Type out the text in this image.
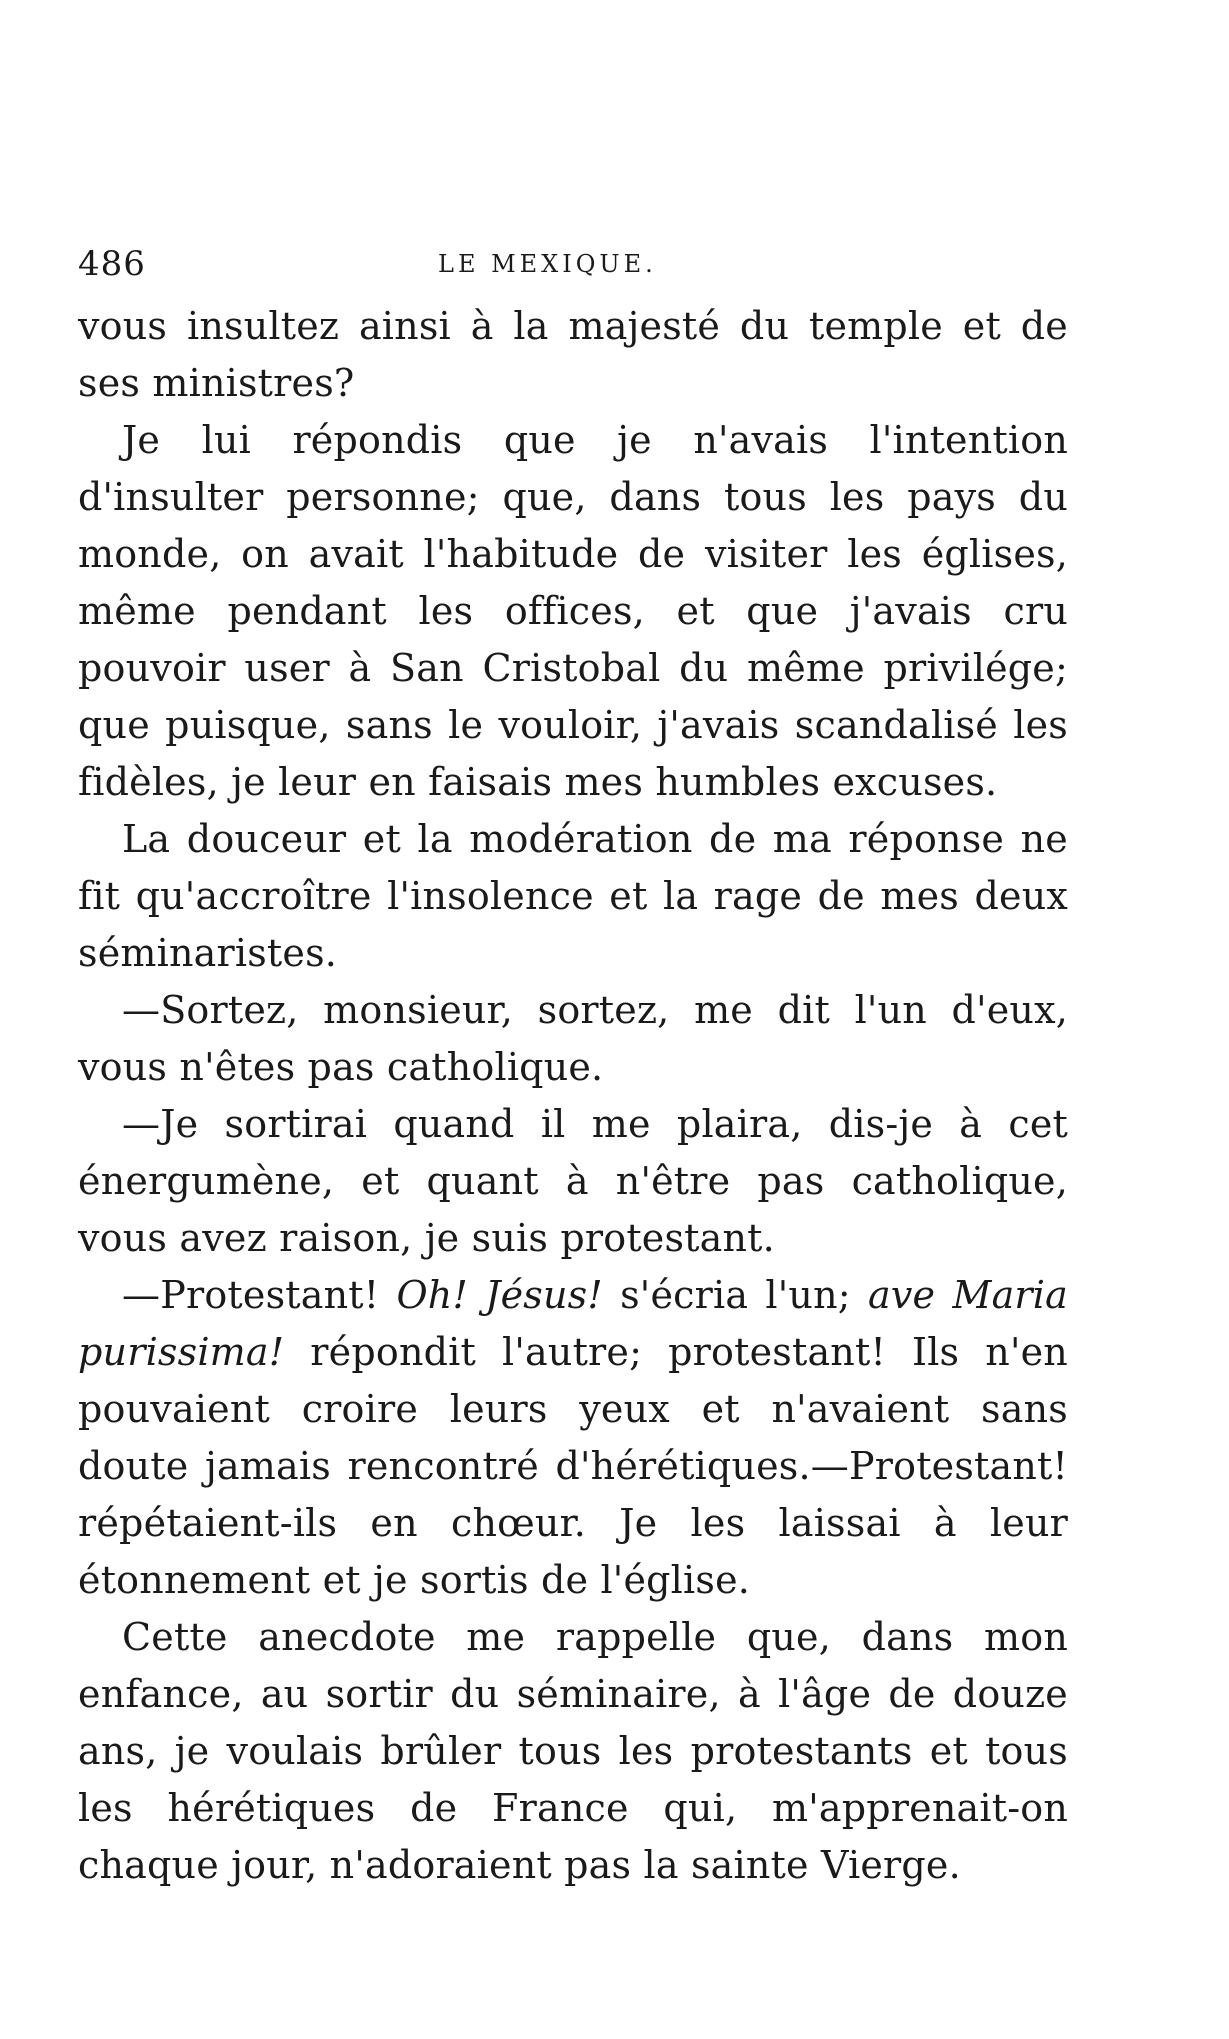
486	LE MEXIQUE.

vous insultez ainsi à la majesté du temple et de ses ministres?

Je lui répondis que je n'avais l'intention d'insulter personne; que, dans tous les pays du monde, on avait l'habitude de visiter les églises, même pendant les offices, et que j'avais cru pouvoir user à San Cristobal du même privilége; que puisque, sans le vouloir, j'avais scandalisé les fidèles, je leur en faisais mes humbles excuses.

La douceur et la modération de ma réponse ne fit qu'accroître l'insolence et la rage de mes deux séminaristes.

—Sortez, monsieur, sortez, me dit l'un d'eux, vous n'êtes pas catholique.

—Je sortirai quand il me plaira, dis-je à cet énergumène, et quant à n'être pas catholique, vous avez raison, je suis protestant.

—Protestant! Oh! Jésus! s'écria l'un; ave Maria purissima! répondit l'autre; protestant! Ils n'en pouvaient croire leurs yeux et n'avaient sans doute jamais rencontré d'hérétiques.—Protestant! répétaient-ils en chœur. Je les laissai à leur étonnement et je sortis de l'église.

Cette anecdote me rappelle que, dans mon enfance, au sortir du séminaire, à l'âge de douze ans, je voulais brûler tous les protestants et tous les hérétiques de France qui, m'apprenait-on chaque jour, n'adoraient pas la sainte Vierge.
